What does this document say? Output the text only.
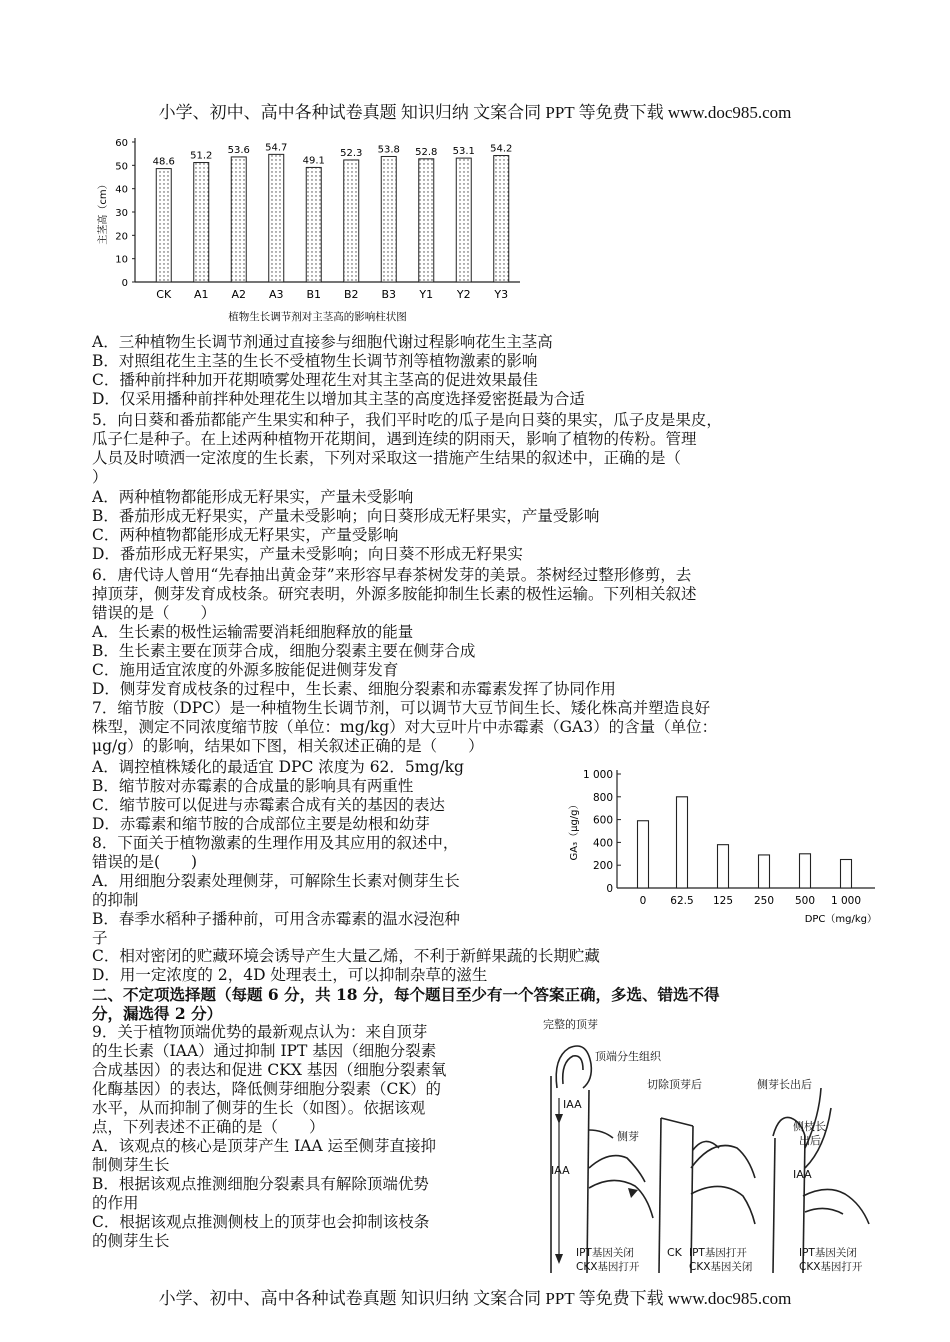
小学、初中、高中各种试卷真题 知识归纳 文案合同 PPT 等免费下载 www.doc985.com
0
10
20
30
40
50
60
48.6
CK
51.2
A1
53.6
A2
54.7
A3
49.1
B1
52.3
B2
53.8
B3
52.8
Y1
53.1
Y2
54.2
Y3
主茎高（cm）
植物生长调节剂对主茎高的影响柱状图
0
200
400
600
800
1 000
0 62.5 125 250 500 1 000
GA₃（μg/g）
DPC（mg/kg）
A．三种植物生长调节剂通过直接参与细胞代谢过程影响花生主茎高
B．对照组花生主茎的生长不受植物生长调节剂等植物激素的影响
C．播种前拌种加开花期喷雾处理花生对其主茎高的促进效果最佳
D．仅采用播种前拌种处理花生以增加其主茎的高度选择爱密挺最为合适
5．向日葵和番茄都能产生果实和种子，我们平时吃的瓜子是向日葵的果实，瓜子皮是果皮，
瓜子仁是种子。在上述两种植物开花期间，遇到连续的阴雨天，影响了植物的传粉。管理
人员及时喷洒一定浓度的生长素，下列对采取这一措施产生结果的叙述中，正确的是（
）
A．两种植物都能形成无籽果实，产量未受影响
B．番茄形成无籽果实，产量未受影响；向日葵形成无籽果实，产量受影响
C．两种植物都能形成无籽果实，产量受影响
D．番茄形成无籽果实，产量未受影响；向日葵不形成无籽果实
6．唐代诗人曾用“先春抽出黄金芽”来形容早春茶树发芽的美景。茶树经过整形修剪，去
掉顶芽，侧芽发育成枝条。研究表明，外源多胺能抑制生长素的极性运输。下列相关叙述
错误的是（　　）
A．生长素的极性运输需要消耗细胞释放的能量
B．生长素主要在顶芽合成，细胞分裂素主要在侧芽合成
C．施用适宜浓度的外源多胺能促进侧芽发育
D．侧芽发育成枝条的过程中，生长素、细胞分裂素和赤霉素发挥了协同作用
7．缩节胺（DPC）是一种植物生长调节剂，可以调节大豆节间生长、矮化株高并塑造良好
株型，测定不同浓度缩节胺（单位：mg/kg）对大豆叶片中赤霉素（GA3）的含量（单位：
μg/g）的影响，结果如下图，相关叙述正确的是（　　）
A．调控植株矮化的最适宜 DPC 浓度为 62．5mg/kg
B．缩节胺对赤霉素的合成量的影响具有两重性
C．缩节胺可以促进与赤霉素合成有关的基因的表达
D．赤霉素和缩节胺的合成部位主要是幼根和幼芽
8．下面关于植物激素的生理作用及其应用的叙述中，
错误的是(　　)
A．用细胞分裂素处理侧芽，可解除生长素对侧芽生长
的抑制
B．春季水稻种子播种前，可用含赤霉素的温水浸泡种
子
C．相对密闭的贮藏环境会诱导产生大量乙烯，不利于新鲜果蔬的长期贮藏
D．用一定浓度的 2，4D 处理表土，可以抑制杂草的滋生
二、不定项选择题（每题 6 分，共 18 分，每个题目至少有一个答案正确，多选、错选不得
分，漏选得 2 分）
9．关于植物顶端优势的最新观点认为：来自顶芽
的生长素（IAA）通过抑制 IPT 基因（细胞分裂素
合成基因）的表达和促进 CKX 基因（细胞分裂素氧
化酶基因）的表达，降低侧芽细胞分裂素（CK）的
水平，从而抑制了侧芽的生长（如图）。依据该观
点，下列表述不正确的是（　　）
A．该观点的核心是顶芽产生 IAA 运至侧芽直接抑
制侧芽生长
B．根据该观点推测细胞分裂素具有解除顶端优势
的作用
C．根据该观点推测侧枝上的顶芽也会抑制该枝条
的侧芽生长
完整的顶芽
顶端分生组织
IAA
侧芽
IAA
切除顶芽后
CK
侧芽长出后
侧枝长
出后
IAA
IPT基因关闭
CKX基因打开
IPT基因打开
CKX基因关闭
IPT基因关闭
CKX基因打开
小学、初中、高中各种试卷真题 知识归纳 文案合同 PPT 等免费下载 www.doc985.com
